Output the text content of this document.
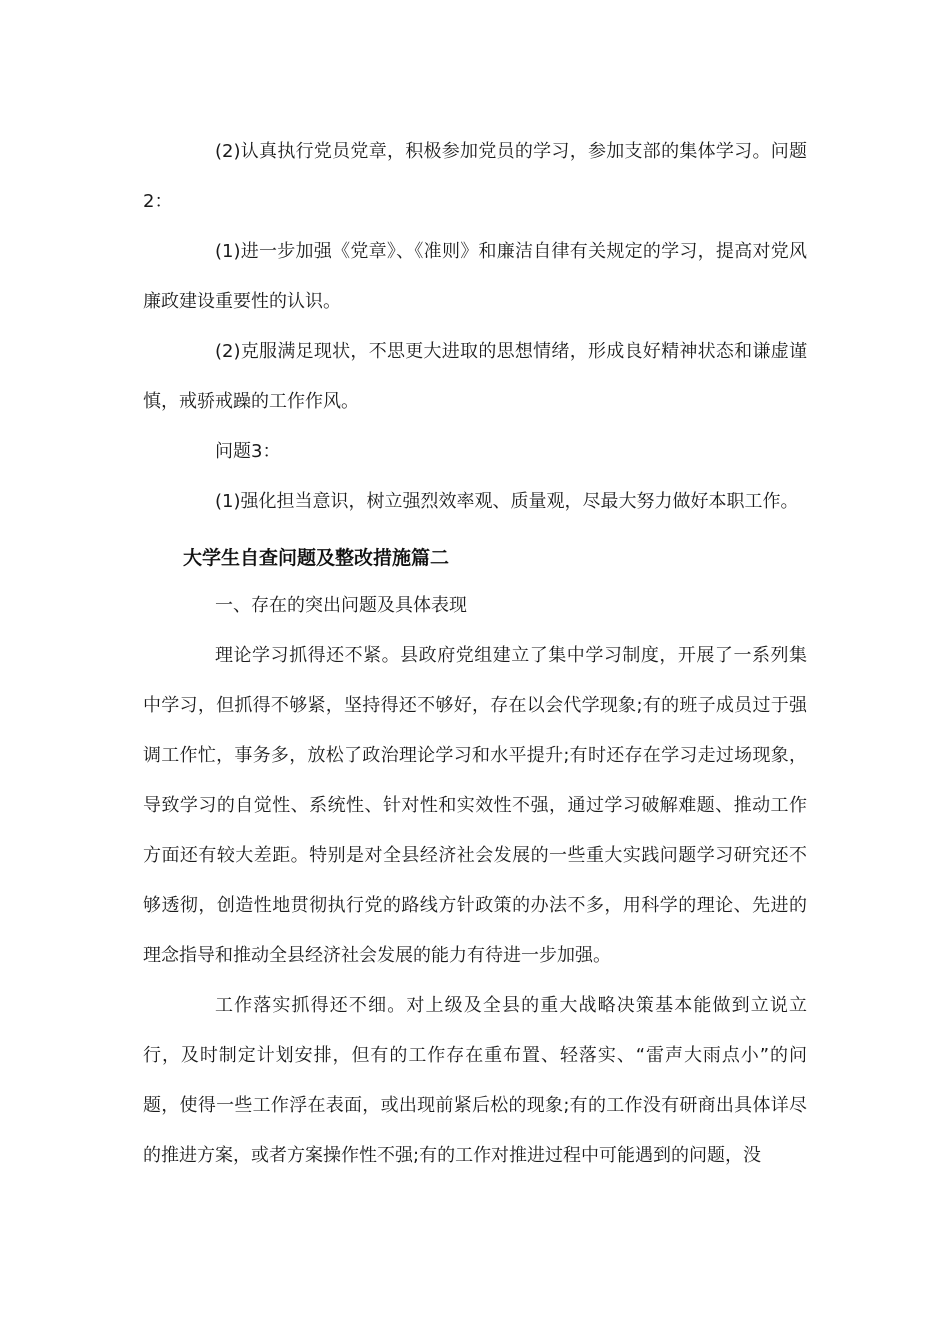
(2)认真执行党员党章，积极参加党员的学习，参加支部的集体学习。问题2：

(1)进一步加强《党章》、《准则》和廉洁自律有关规定的学习，提高对党风廉政建设重要性的认识。

(2)克服满足现状，不思更大进取的思想情绪，形成良好精神状态和谦虚谨慎，戒骄戒躁的工作作风。

问题3：

(1)强化担当意识，树立强烈效率观、质量观，尽最大努力做好本职工作。

大学生自查问题及整改措施篇二

一、存在的突出问题及具体表现

理论学习抓得还不紧。县政府党组建立了集中学习制度，开展了一系列集中学习，但抓得不够紧，坚持得还不够好，存在以会代学现象;有的班子成员过于强调工作忙，事务多，放松了政治理论学习和水平提升;有时还存在学习走过场现象，导致学习的自觉性、系统性、针对性和实效性不强，通过学习破解难题、推动工作方面还有较大差距。特别是对全县经济社会发展的一些重大实践问题学习研究还不够透彻，创造性地贯彻执行党的路线方针政策的办法不多，用科学的理论、先进的理念指导和推动全县经济社会发展的能力有待进一步加强。

工作落实抓得还不细。对上级及全县的重大战略决策基本能做到立说立行，及时制定计划安排，但有的工作存在重布置、轻落实、“雷声大雨点小”的问题，使得一些工作浮在表面，或出现前紧后松的现象;有的工作没有研商出具体详尽的推进方案，或者方案操作性不强;有的工作对推进过程中可能遇到的问题，没
